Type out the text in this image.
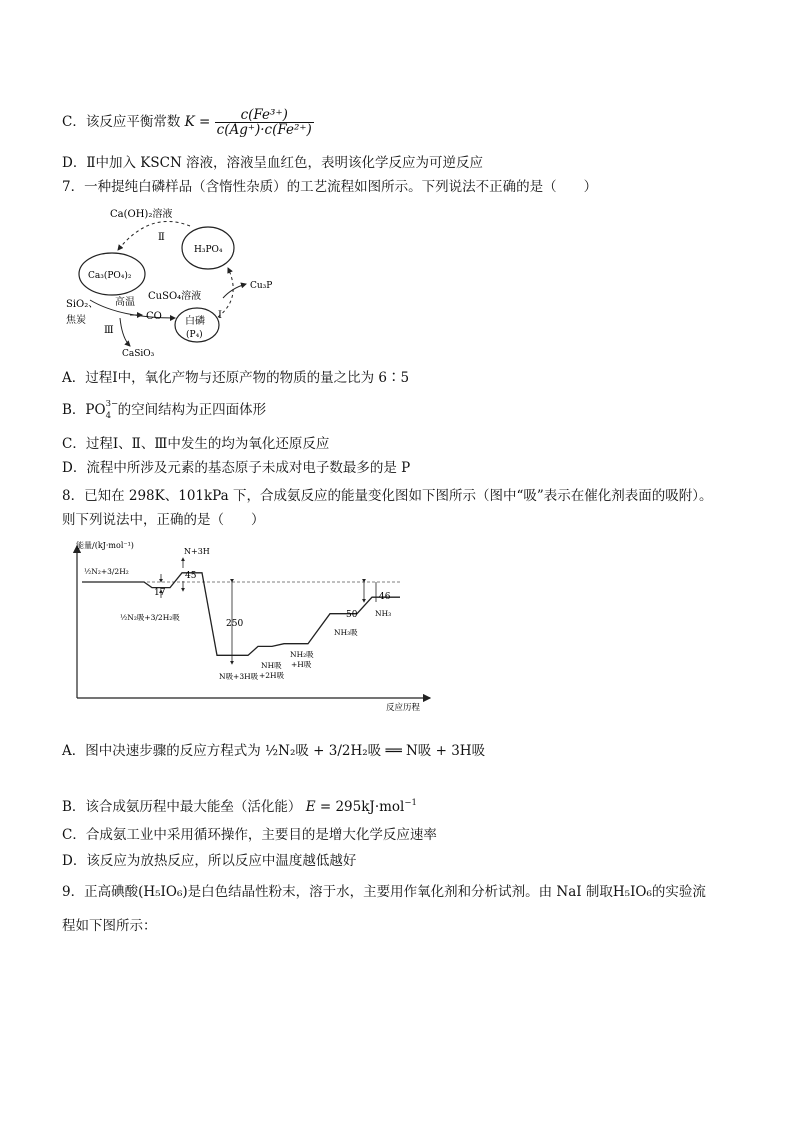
C．该反应平衡常数 $K = \frac{\text{c(Fe³⁺)}}{\text{c(Ag⁺)·c(Fe²⁺)}}$
D．Ⅱ中加入 KSCN 溶液，溶液呈血红色，表明该化学反应为可逆反应
7．一种提纯白磷样品（含惰性杂质）的工艺流程如图所示。下列说法不正确的是（　　）
Ca(OH)₂溶液
Ⅱ
H₃PO₄
Ca₃(PO₄)₂
Cu₃P
CuSO₄溶液
Ⅰ
SiO₂、 高温
焦炭	CO
Ⅲ
白磷
(P₄)
CaSiO₃
A．过程Ⅰ中，氧化产物与还原产物的物质的量之比为 6∶5
B．PO 3−
4 的空间结构为正四面体形
C．过程Ⅰ、Ⅱ、Ⅲ中发生的均为氧化还原反应
D．流程中所涉及元素的基态原子未成对电子数最多的是 P
8．已知在 298K、101kPa 下，合成氨反应的能量变化图如下图所示（图中“吸”表示在催化剂表面的吸附）。
则下列说法中，正确的是（　　）
能量/(kJ·mol⁻¹)
反应历程
N+3H
½N₂+3/2H₂
½N₂吸+3/2H₂吸
17
45
250
N吸+3H吸
NH吸
+2H吸
NH₂吸
+H吸
50
NH₃吸
46
NH₃
A．图中决速步骤的反应方程式为 ½N₂吸 + 3/2H₂吸 ══ N吸 + 3H吸
B．该合成氨历程中最大能垒（活化能） E = 295kJ·mol$^{-1}$
C．合成氨工业中采用循环操作，主要目的是增大化学反应速率
D．该反应为放热反应，所以反应中温度越低越好
9．正高碘酸(H₅IO₆)是白色结晶性粉末，溶于水，主要用作氧化剂和分析试剂。由 NaI 制取H₅IO₆的实验流
程如下图所示：
